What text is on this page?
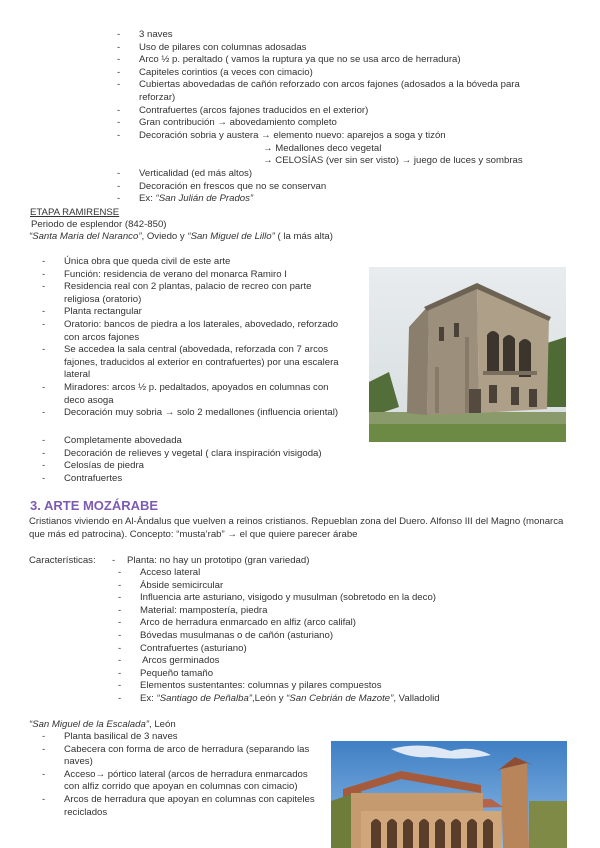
- 3 naves
- Uso de pilares con columnas adosadas
- Arco ½ p. peraltado ( vamos la ruptura ya que no se usa arco de herradura)
- Capiteles corintios (a veces con cimacio)
- Cubiertas abovedadas de cañón reforzado con arcos fajones (adosados a la bóveda para reforzar)
- Contrafuertes (arcos fajones traducidos en el exterior)
- Gran contribución → abovedamiento completo
- Decoración sobria y austera → elemento nuevo: aparejos a soga y tizón
→ Medallones deco vegetal
→ CELOSÍAS (ver sin ser visto) → juego de luces y sombras
- Verticalidad (ed más altos)
- Decoración en frescos que no se conservan
- Ex: “San Julián de Prados”
ETAPA RAMIRENSE
Periodo de esplendor (842-850)
“Santa Maria del Naranco”, Oviedo y “San Miguel de Lillo” ( la más alta)
- Única obra que queda civil de este arte
- Función: residencia de verano del monarca Ramiro I
- Residencia real con 2 plantas, palacio de recreo con parte religiosa (oratorio)
- Planta rectangular
- Oratorio: bancos de piedra a los laterales, abovedado, reforzado con arcos fajones
- Se accedea la sala central (abovedada, reforzada con 7 arcos fajones, traducidos al exterior en contrafuertes) por una escalera lateral
- Miradores: arcos ½ p. pedaltados, apoyados en columnas con deco asoga
- Decoración muy sobria → solo 2 medallones (influencia oriental)
- Completamente abovedada
- Decoración de relieves y vegetal ( clara inspiración visigoda)
- Celosías de piedra
- Contrafuertes
3. ARTE MOZÁRABE
Cristianos viviendo en Al-Ándalus que vuelven a reinos cristianos. Repueblan zona del Duero. Alfonso III del Magno (monarca que más ed patrocina). Concepto: “musta’rab” → el que quiere parecer árabe
Características:
-	Planta: no hay un prototipo (gran variedad)
- Acceso lateral
- Ábside semicircular
- Influencia arte asturiano, visigodo y musulman (sobretodo en la deco)
- Material: mampostería, piedra
- Arco de herradura enmarcado en alfiz (arco califal)
- Bóvedas musulmanas o de cañón (asturiano)
- Contrafuertes (asturiano)
-  Arcos germinados
- Pequeño tamaño
- Elementos sustentantes: columnas y pilares compuestos
- Ex: “Santiago de Peñalba”,León y “San Cebrián de Mazote”, Valladolid
“San Miguel de la Escalada”, León
- Planta basilical de 3 naves
- Cabecera con forma de arco de herradura (separando las naves)
- Acceso→ pórtico lateral (arcos de herradura enmarcados con alfiz corrido que apoyan en columnas con cimacio)
- Arcos de herradura que apoyan en columnas con capiteles reciclados
